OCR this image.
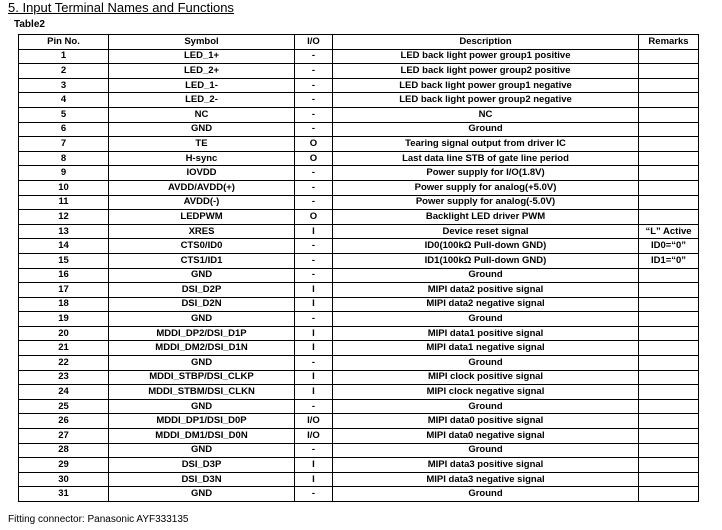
5. Input Terminal Names and Functions
Table2
Pin No.	Symbol	I/O	Description	Remarks
1	LED_1+	-	LED back light power group1 positive	
2	LED_2+	-	LED back light power group2 positive	
3	LED_1-	-	LED back light power group1 negative	
4	LED_2-	-	LED back light power group2 negative	
5	NC	-	NC	
6	GND	-	Ground	
7	TE	O	Tearing signal output from driver IC	
8	H-sync	O	Last data line STB of gate line period	
9	IOVDD	-	Power supply for I/O(1.8V)	
10	AVDD/AVDD(+)	-	Power supply for analog(+5.0V)	
11	AVDD(-)	-	Power supply for analog(-5.0V)	
12	LEDPWM	O	Backlight LED driver PWM	
13	XRES	I	Device reset signal	“L” Active
14	CTS0/ID0	-	ID0(100kΩ Pull-down GND)	ID0=“0”
15	CTS1/ID1	-	ID1(100kΩ Pull-down GND)	ID1=“0”
16	GND	-	Ground	
17	DSI_D2P	I	MIPI data2 positive signal	
18	DSI_D2N	I	MIPI data2 negative signal	
19	GND	-	Ground	
20	MDDI_DP2/DSI_D1P	I	MIPI data1 positive signal	
21	MDDI_DM2/DSI_D1N	I	MIPI data1 negative signal	
22	GND	-	Ground	
23	MDDI_STBP/DSI_CLKP	I	MIPI clock positive signal	
24	MDDI_STBM/DSI_CLKN	I	MIPI clock negative signal	
25	GND	-	Ground	
26	MDDI_DP1/DSI_D0P	I/O	MIPI data0 positive signal	
27	MDDI_DM1/DSI_D0N	I/O	MIPI data0 negative signal	
28	GND	-	Ground	
29	DSI_D3P	I	MIPI data3 positive signal	
30	DSI_D3N	I	MIPI data3 negative signal	
31	GND	-	Ground	
Fitting connector: Panasonic AYF333135
